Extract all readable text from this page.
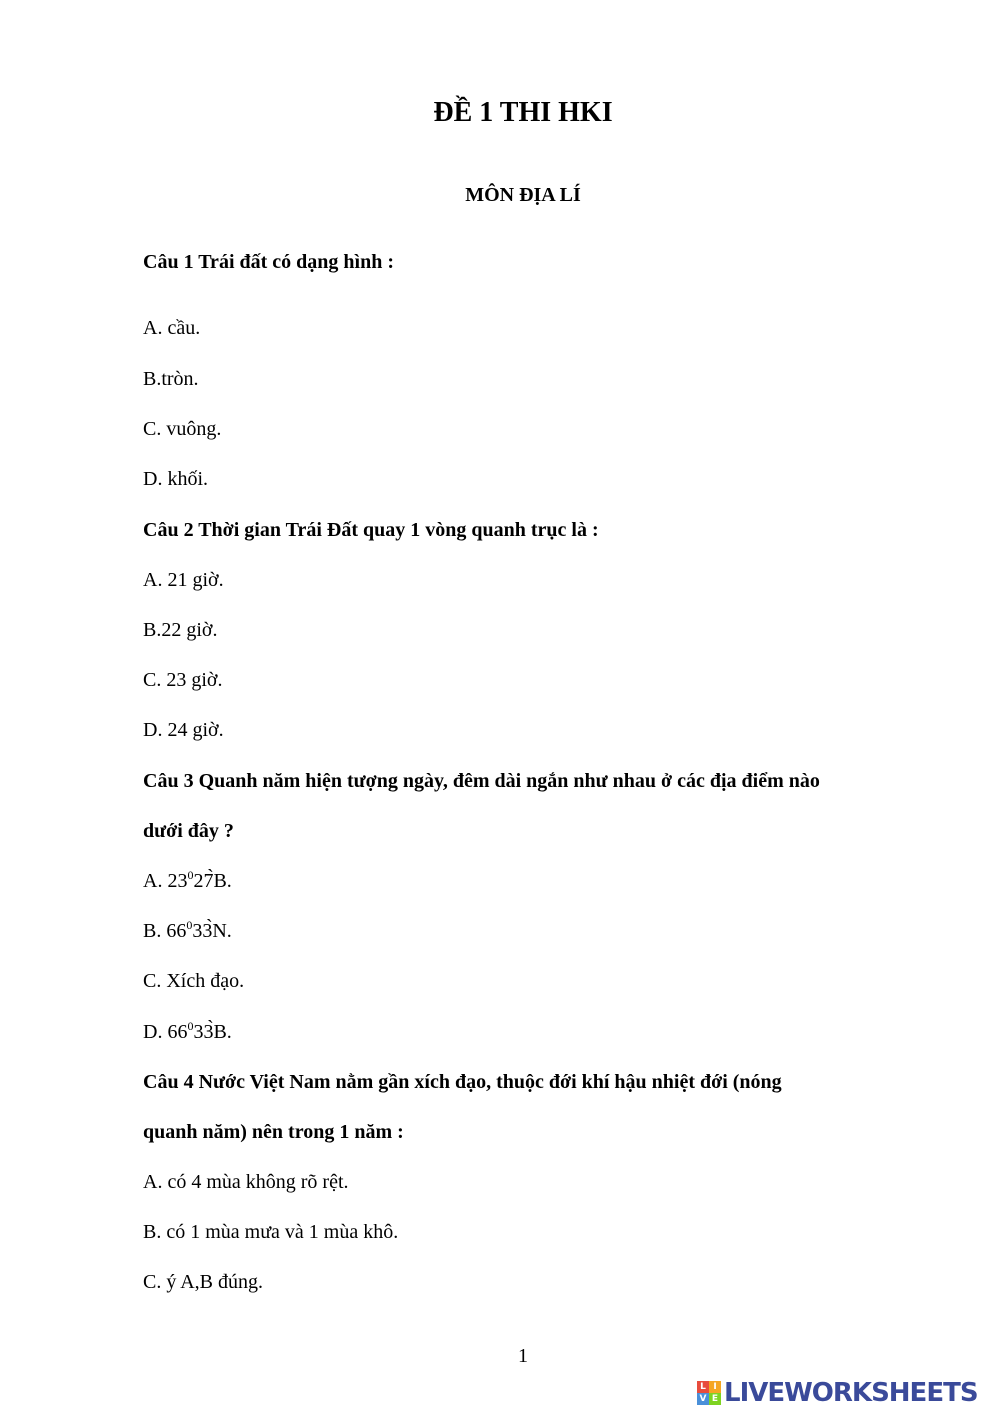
ĐỀ 1 THI HKI
MÔN ĐỊA LÍ
Câu 1 Trái đất có dạng hình :
A. cầu.
B.tròn.
C. vuông.
D. khối.
Câu 2 Thời gian Trái Đất quay 1 vòng quanh trục là :
A. 21 giờ.
B.22 giờ.
C. 23 giờ.
D. 24 giờ.
Câu 3 Quanh năm hiện tượng ngày, đêm dài ngắn như nhau ở các địa điểm nào
dưới đây ?
A. $23^027̀B$.
B. $66^033̀N$.
C. Xích đạo.
D. $66^033̀B$.
Câu 4 Nước Việt Nam nằm gần xích đạo, thuộc đới khí hậu nhiệt đới (nóng
quanh năm) nên trong 1 năm :
A. có 4 mùa không rõ rệt.
B. có 1 mùa mưa và 1 mùa khô.
C. ý A,B đúng.
1
L I
V E LIVEWORKSHEETS
